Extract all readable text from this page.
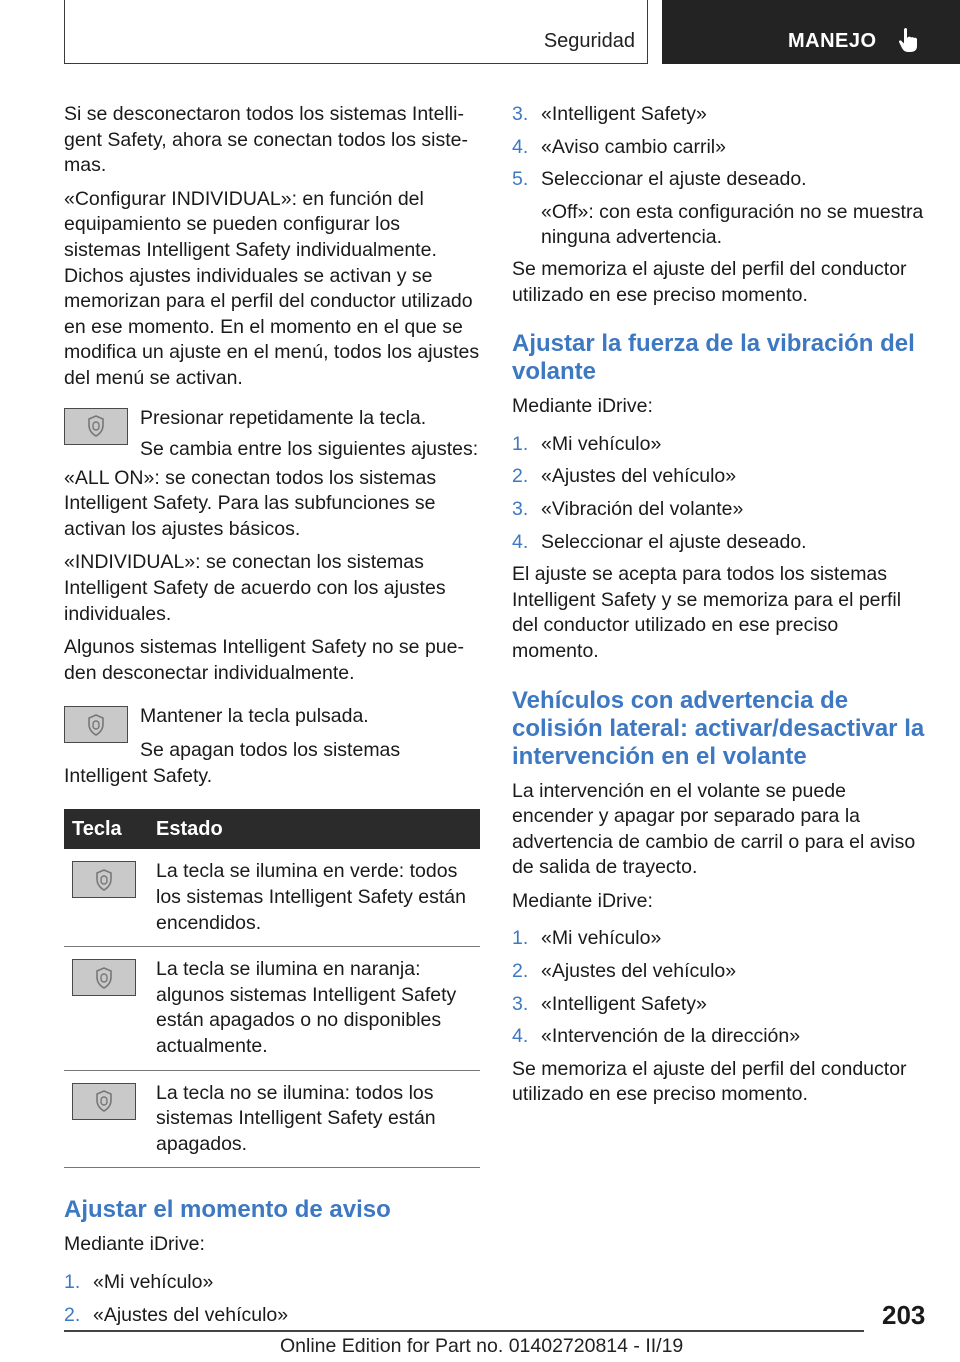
Seguridad	MANEJO

Si se desconectaron todos los sistemas Intelligent Safety, ahora se conectan todos los sistemas.

«Configurar INDIVIDUAL»: en función del equipamiento se pueden configurar los sistemas Intelligent Safety individualmente. Dichos ajustes individuales se activan y se memorizan para el perfil del conductor utilizado en ese momento. En el momento en el que se modifica un ajuste en el menú, todos los ajustes del menú se activan.

Presionar repetidamente la tecla.

Se cambia entre los siguientes ajustes:

«ALL ON»: se conectan todos los sistemas Intelligent Safety. Para las subfunciones se activan los ajustes básicos.

«INDIVIDUAL»: se conectan los sistemas Intelligent Safety de acuerdo con los ajustes individuales.

Algunos sistemas Intelligent Safety no se pueden desconectar individualmente.

Mantener la tecla pulsada.

Se apagan todos los sistemas Intelligent Safety.

Tecla	Estado

	La tecla se ilumina en verde: todos los sistemas Intelligent Safety están encendidos.

	La tecla se ilumina en naranja: algunos sistemas Intelligent Safety están apagados o no disponibles actualmente.

	La tecla no se ilumina: todos los sistemas Intelligent Safety están apagados.
Ajustar el momento de aviso

Mediante iDrive:

1. «Mi vehículo»
2. «Ajustes del vehículo»
3. «Intelligent Safety»
4. «Aviso cambio carril»
5. Seleccionar el ajuste deseado.

«Off»: con esta configuración no se muestra ninguna advertencia.

Se memoriza el ajuste del perfil del conductor utilizado en ese preciso momento.

Ajustar la fuerza de la vibración del volante

Mediante iDrive:

1. «Mi vehículo»
2. «Ajustes del vehículo»
3. «Vibración del volante»
4. Seleccionar el ajuste deseado.

El ajuste se acepta para todos los sistemas Intelligent Safety y se memoriza para el perfil del conductor utilizado en ese preciso momento.

Vehículos con advertencia de colisión lateral: activar/desactivar la intervención en el volante

La intervención en el volante se puede encender y apagar por separado para la advertencia de cambio de carril o para el aviso de salida de trayecto.

Mediante iDrive:

1. «Mi vehículo»
2. «Ajustes del vehículo»
3. «Intelligent Safety»
4. «Intervención de la dirección»

Se memoriza el ajuste del perfil del conductor utilizado en ese preciso momento.

203
Online Edition for Part no. 01402720814 - II/19
